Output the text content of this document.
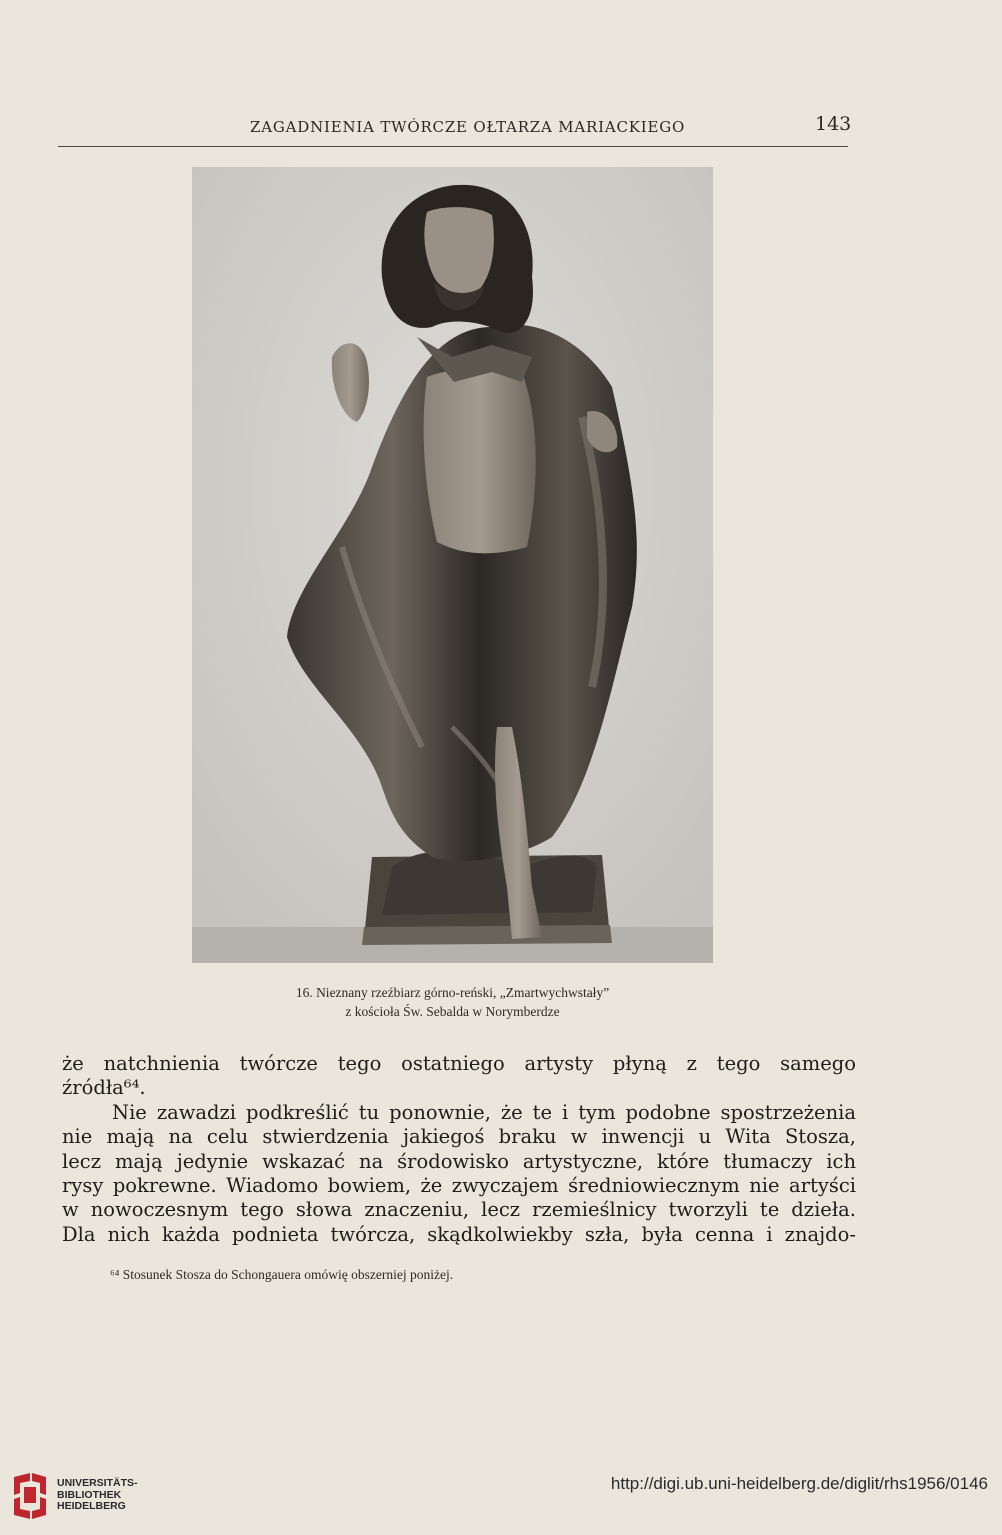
ZAGADNIENIA TWÓRCZE OŁTARZA MARIACKIEGO	143
16. Nieznany rzeźbiarz górno-reński, „Zmartwychwstały”
z kościoła Św. Sebalda w Norymberdze
że natchnienia twórcze tego ostatniego artysty płyną z tego samego
źródła⁶⁴.
Nie zawadzi podkreślić tu ponownie, że te i tym podobne spostrzeżenia
nie mają na celu stwierdzenia jakiegoś braku w inwencji u Wita Stosza,
lecz mają jedynie wskazać na środowisko artystyczne, które tłumaczy ich
rysy pokrewne. Wiadomo bowiem, że zwyczajem średniowiecznym nie artyści
w nowoczesnym tego słowa znaczeniu, lecz rzemieślnicy tworzyli te dzieła.
Dla nich każda podnieta twórcza, skądkolwiekby szła, była cenna i znajdo-
⁶⁴ Stosunek Stosza do Schongauera omówię obszerniej poniżej.
UNIVERSITÄTS-
BIBLIOTHEK
HEIDELBERG
http://digi.ub.uni-heidelberg.de/diglit/rhs1956/0146
